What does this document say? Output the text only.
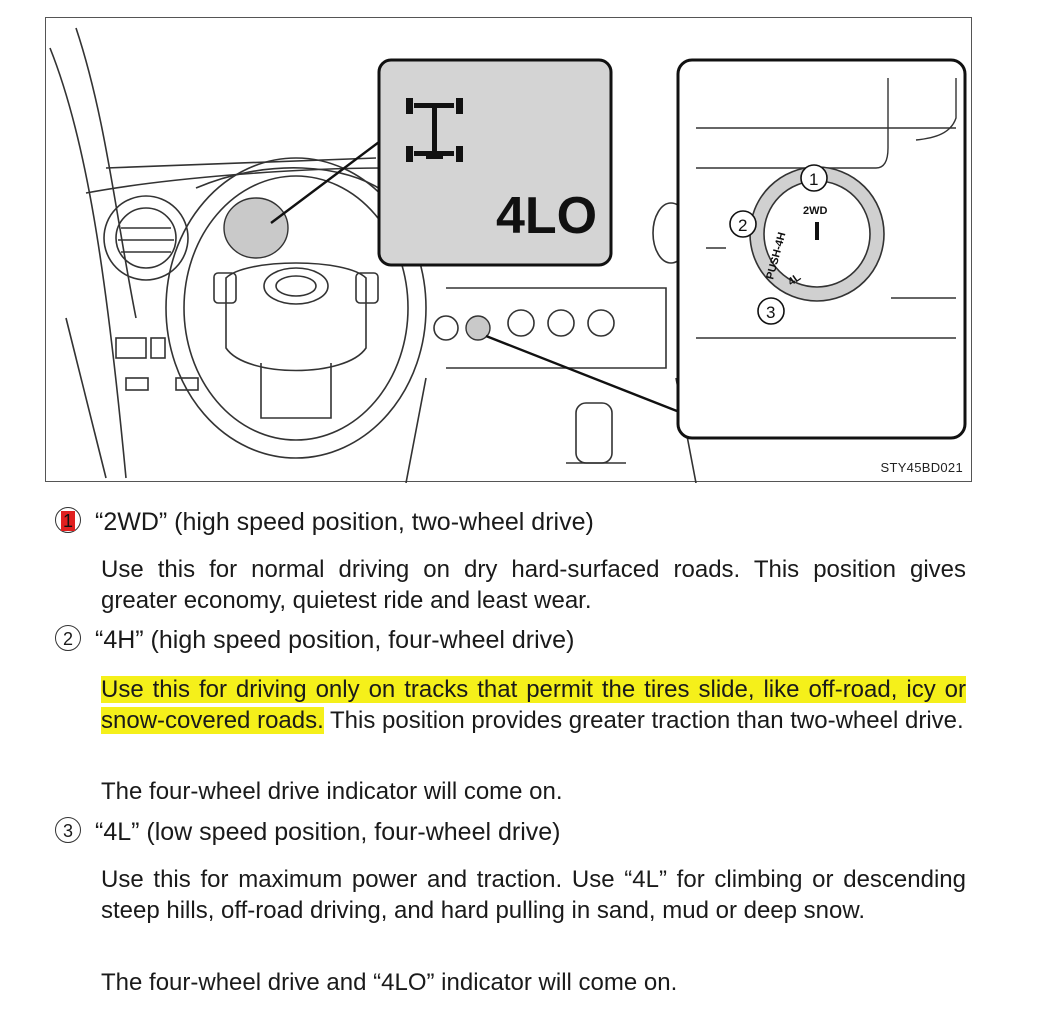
4LO	2WD
PUSH-4H
4L
1
2
3
STY45BD021
1 “2WD” (high speed position, two-wheel drive)
Use this for normal driving on dry hard-surfaced roads. This position gives greater economy, quietest ride and least wear.
2 “4H” (high speed position, four-wheel drive)
Use this for driving only on tracks that permit the tires slide, like off-road, icy or snow-covered roads. This position provides greater traction than two-wheel drive.
The four-wheel drive indicator will come on.
3 “4L” (low speed position, four-wheel drive)
Use this for maximum power and traction. Use “4L” for climbing or descending steep hills, off-road driving, and hard pulling in sand, mud or deep snow.
The four-wheel drive and “4LO” indicator will come on.
